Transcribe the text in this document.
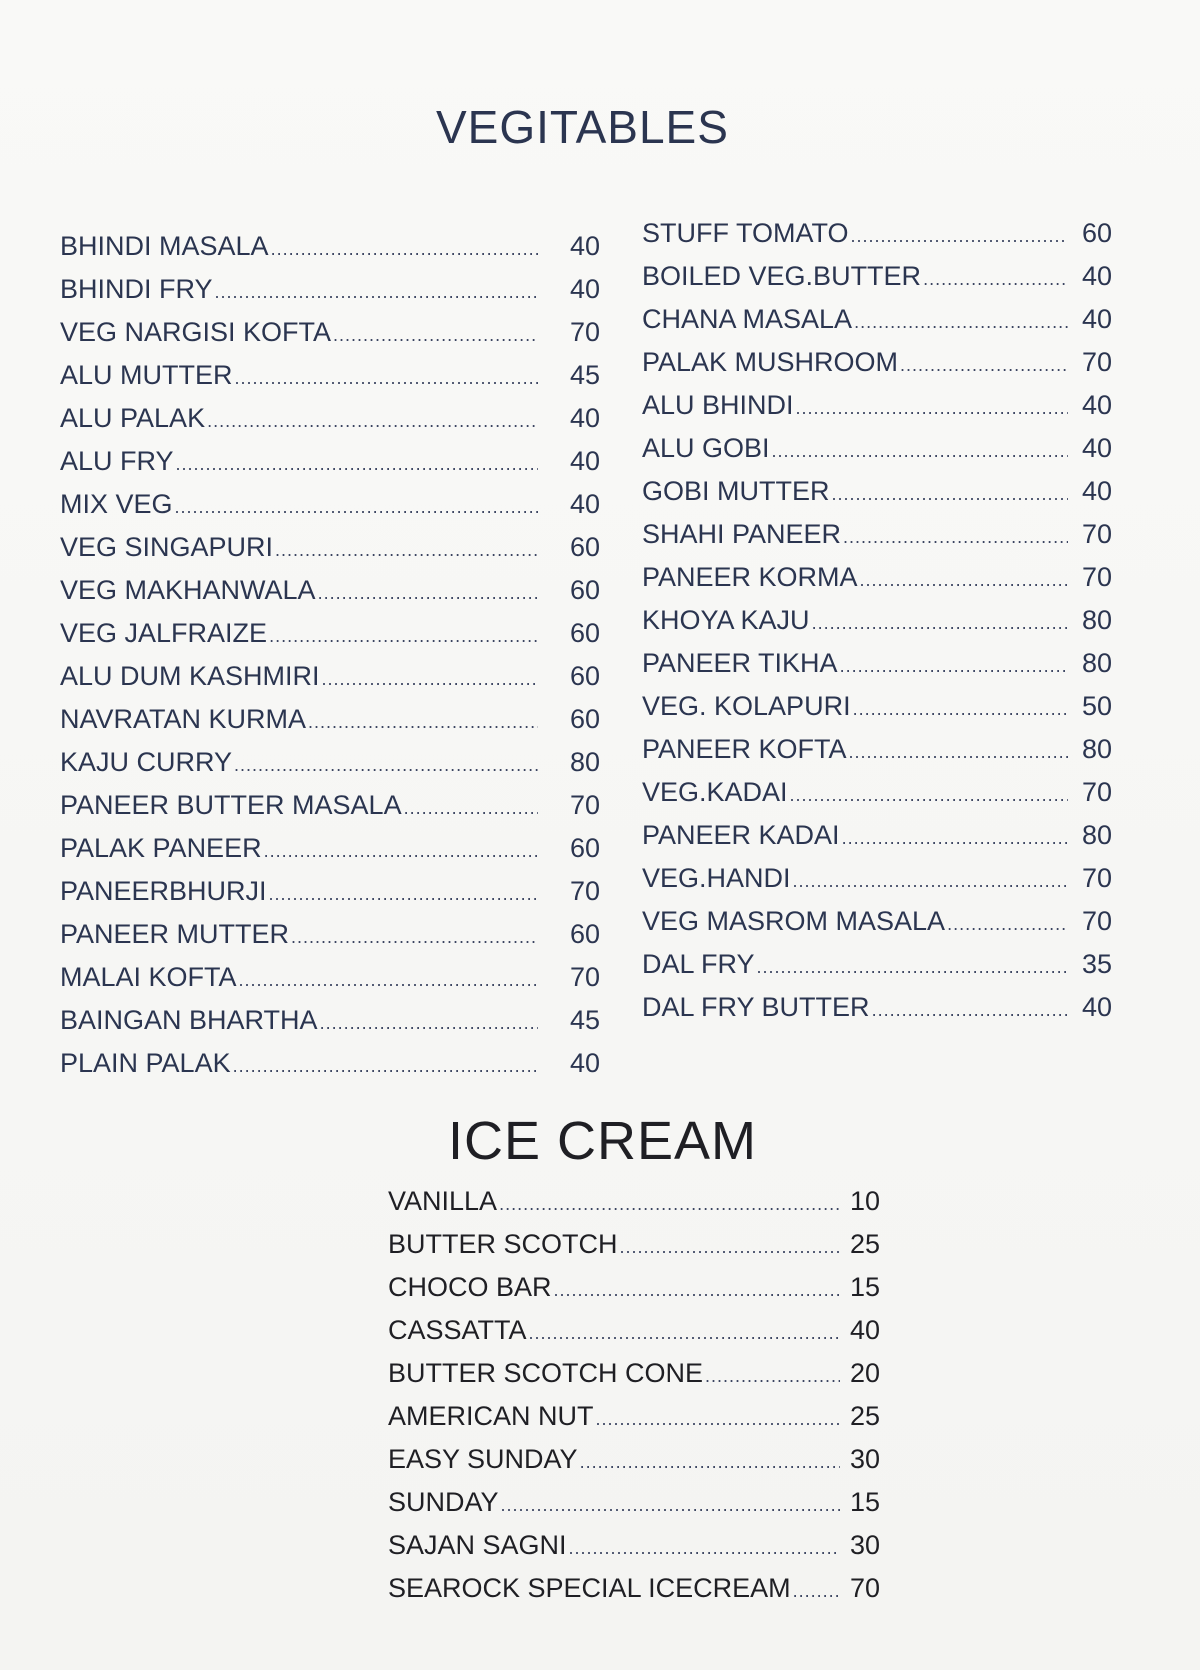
VEGITABLES
BHINDI MASALA .....	40
BHINDI FRY .....	40
VEG NARGISI KOFTA .....	70
ALU MUTTER .....	45
ALU PALAK .....	40
ALU FRY .....	40
MIX VEG .....	40
VEG SINGAPURI .....	60
VEG MAKHANWALA .....	60
VEG JALFRAIZE .....	60
ALU DUM KASHMIRI .....	60
NAVRATAN KURMA .....	60
KAJU CURRY .....	80
PANEER BUTTER MASALA .....	70
PALAK PANEER .....	60
PANEERBHURJI .....	70
PANEER MUTTER .....	60
MALAI KOFTA .....	70
BAINGAN BHARTHA .....	45
PLAIN PALAK .....	40
STUFF TOMATO .....	60
BOILED VEG.BUTTER .....	40
CHANA MASALA .....	40
PALAK MUSHROOM .....	70
ALU BHINDI .....	40
ALU GOBI .....	40
GOBI MUTTER .....	40
SHAHI PANEER .....	70
PANEER KORMA .....	70
KHOYA KAJU .....	80
PANEER TIKHA .....	80
VEG. KOLAPURI .....	50
PANEER KOFTA .....	80
VEG.KADAI .....	70
PANEER KADAI .....	80
VEG.HANDI .....	70
VEG MASROM MASALA .....	70
DAL FRY .....	35
DAL FRY BUTTER .....	40
ICE CREAM
VANILLA .....	10
BUTTER SCOTCH .....	25
CHOCO BAR .....	15
CASSATTA .....	40
BUTTER SCOTCH CONE .....	20
AMERICAN NUT .....	25
EASY SUNDAY .....	30
SUNDAY .....	15
SAJAN SAGNI .....	30
SEAROCK SPECIAL ICECREAM ..... 70
